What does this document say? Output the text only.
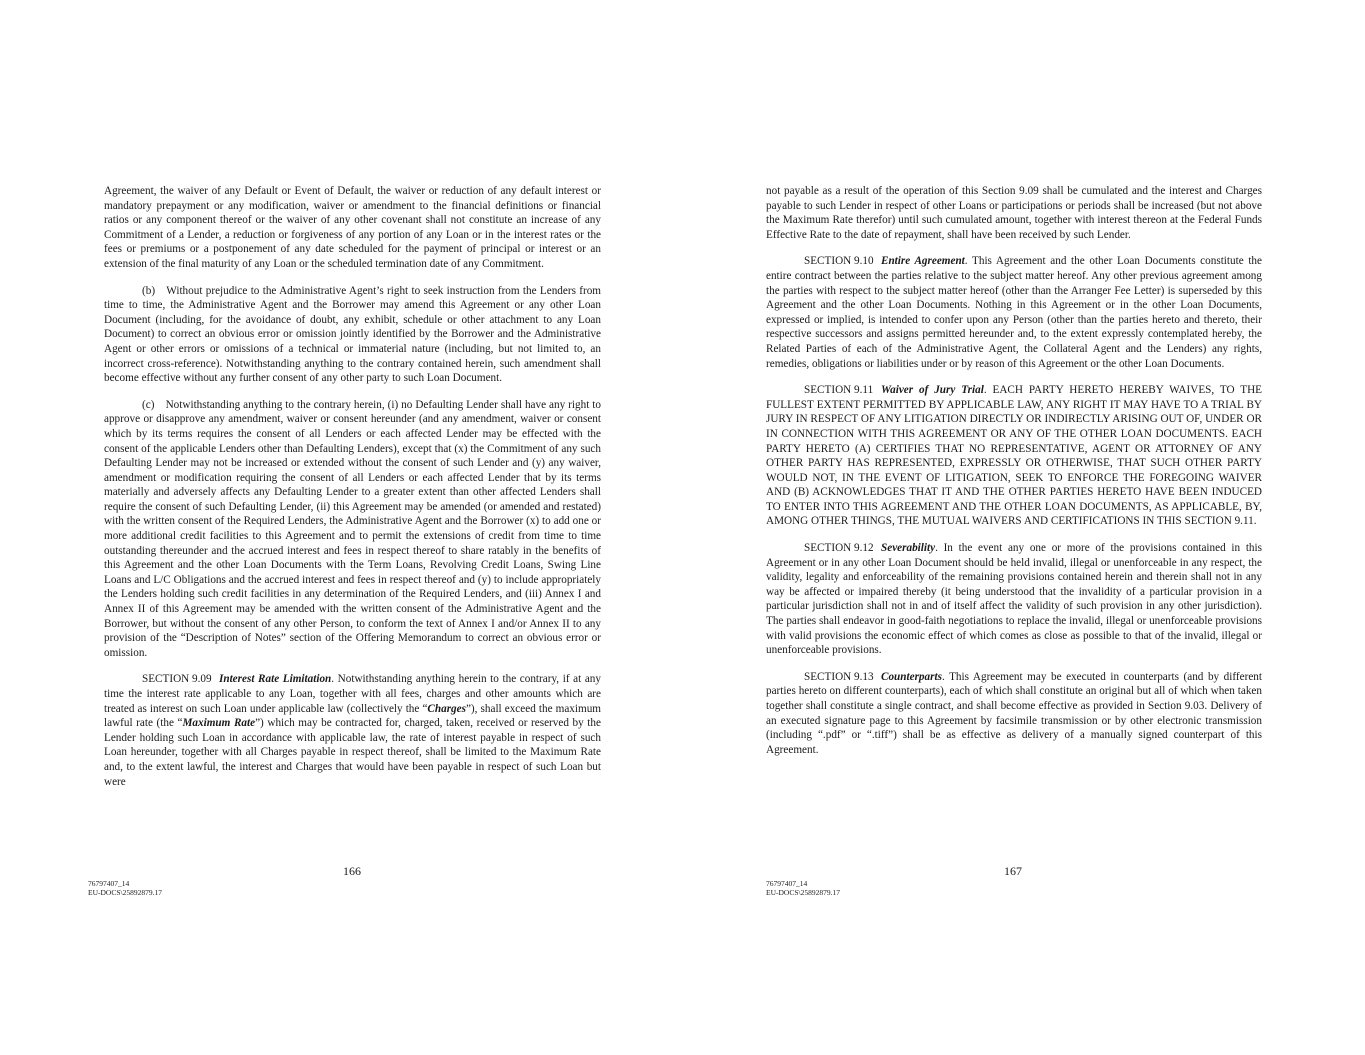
Agreement, the waiver of any Default or Event of Default, the waiver or reduction of any default interest or mandatory prepayment or any modification, waiver or amendment to the financial definitions or financial ratios or any component thereof or the waiver of any other covenant shall not constitute an increase of any Commitment of a Lender, a reduction or forgiveness of any portion of any Loan or in the interest rates or the fees or premiums or a postponement of any date scheduled for the payment of principal or interest or an extension of the final maturity of any Loan or the scheduled termination date of any Commitment.

(b) Without prejudice to the Administrative Agent’s right to seek instruction from the Lenders from time to time, the Administrative Agent and the Borrower may amend this Agreement or any other Loan Document (including, for the avoidance of doubt, any exhibit, schedule or other attachment to any Loan Document) to correct an obvious error or omission jointly identified by the Borrower and the Administrative Agent or other errors or omissions of a technical or immaterial nature (including, but not limited to, an incorrect cross-reference). Notwithstanding anything to the contrary contained herein, such amendment shall become effective without any further consent of any other party to such Loan Document.

(c) Notwithstanding anything to the contrary herein, (i) no Defaulting Lender shall have any right to approve or disapprove any amendment, waiver or consent hereunder (and any amendment, waiver or consent which by its terms requires the consent of all Lenders or each affected Lender may be effected with the consent of the applicable Lenders other than Defaulting Lenders), except that (x) the Commitment of any such Defaulting Lender may not be increased or extended without the consent of such Lender and (y) any waiver, amendment or modification requiring the consent of all Lenders or each affected Lender that by its terms materially and adversely affects any Defaulting Lender to a greater extent than other affected Lenders shall require the consent of such Defaulting Lender, (ii) this Agreement may be amended (or amended and restated) with the written consent of the Required Lenders, the Administrative Agent and the Borrower (x) to add one or more additional credit facilities to this Agreement and to permit the extensions of credit from time to time outstanding thereunder and the accrued interest and fees in respect thereof to share ratably in the benefits of this Agreement and the other Loan Documents with the Term Loans, Revolving Credit Loans, Swing Line Loans and L/C Obligations and the accrued interest and fees in respect thereof and (y) to include appropriately the Lenders holding such credit facilities in any determination of the Required Lenders, and (iii) Annex I and Annex II of this Agreement may be amended with the written consent of the Administrative Agent and the Borrower, but without the consent of any other Person, to conform the text of Annex I and/or Annex II to any provision of the “Description of Notes” section of the Offering Memorandum to correct an obvious error or omission.

SECTION 9.09 Interest Rate Limitation. Notwithstanding anything herein to the contrary, if at any time the interest rate applicable to any Loan, together with all fees, charges and other amounts which are treated as interest on such Loan under applicable law (collectively the “Charges”), shall exceed the maximum lawful rate (the “Maximum Rate”) which may be contracted for, charged, taken, received or reserved by the Lender holding such Loan in accordance with applicable law, the rate of interest payable in respect of such Loan hereunder, together with all Charges payable in respect thereof, shall be limited to the Maximum Rate and, to the extent lawful, the interest and Charges that would have been payable in respect of such Loan but were

166
76797407_14
EU-DOCS\25892879.17

not payable as a result of the operation of this Section 9.09 shall be cumulated and the interest and Charges payable to such Lender in respect of other Loans or participations or periods shall be increased (but not above the Maximum Rate therefor) until such cumulated amount, together with interest thereon at the Federal Funds Effective Rate to the date of repayment, shall have been received by such Lender.

SECTION 9.10 Entire Agreement. This Agreement and the other Loan Documents constitute the entire contract between the parties relative to the subject matter hereof. Any other previous agreement among the parties with respect to the subject matter hereof (other than the Arranger Fee Letter) is superseded by this Agreement and the other Loan Documents. Nothing in this Agreement or in the other Loan Documents, expressed or implied, is intended to confer upon any Person (other than the parties hereto and thereto, their respective successors and assigns permitted hereunder and, to the extent expressly contemplated hereby, the Related Parties of each of the Administrative Agent, the Collateral Agent and the Lenders) any rights, remedies, obligations or liabilities under or by reason of this Agreement or the other Loan Documents.

SECTION 9.11 Waiver of Jury Trial. EACH PARTY HERETO HEREBY WAIVES, TO THE FULLEST EXTENT PERMITTED BY APPLICABLE LAW, ANY RIGHT IT MAY HAVE TO A TRIAL BY JURY IN RESPECT OF ANY LITIGATION DIRECTLY OR INDIRECTLY ARISING OUT OF, UNDER OR IN CONNECTION WITH THIS AGREEMENT OR ANY OF THE OTHER LOAN DOCUMENTS. EACH PARTY HERETO (A) CERTIFIES THAT NO REPRESENTATIVE, AGENT OR ATTORNEY OF ANY OTHER PARTY HAS REPRESENTED, EXPRESSLY OR OTHERWISE, THAT SUCH OTHER PARTY WOULD NOT, IN THE EVENT OF LITIGATION, SEEK TO ENFORCE THE FOREGOING WAIVER AND (B) ACKNOWLEDGES THAT IT AND THE OTHER PARTIES HERETO HAVE BEEN INDUCED TO ENTER INTO THIS AGREEMENT AND THE OTHER LOAN DOCUMENTS, AS APPLICABLE, BY, AMONG OTHER THINGS, THE MUTUAL WAIVERS AND CERTIFICATIONS IN THIS SECTION 9.11.

SECTION 9.12 Severability. In the event any one or more of the provisions contained in this Agreement or in any other Loan Document should be held invalid, illegal or unenforceable in any respect, the validity, legality and enforceability of the remaining provisions contained herein and therein shall not in any way be affected or impaired thereby (it being understood that the invalidity of a particular provision in a particular jurisdiction shall not in and of itself affect the validity of such provision in any other jurisdiction). The parties shall endeavor in good-faith negotiations to replace the invalid, illegal or unenforceable provisions with valid provisions the economic effect of which comes as close as possible to that of the invalid, illegal or unenforceable provisions.

SECTION 9.13 Counterparts. This Agreement may be executed in counterparts (and by different parties hereto on different counterparts), each of which shall constitute an original but all of which when taken together shall constitute a single contract, and shall become effective as provided in Section 9.03. Delivery of an executed signature page to this Agreement by facsimile transmission or by other electronic transmission (including “.pdf” or “.tiff”) shall be as effective as delivery of a manually signed counterpart of this Agreement.

167
76797407_14
EU-DOCS\25892879.17
